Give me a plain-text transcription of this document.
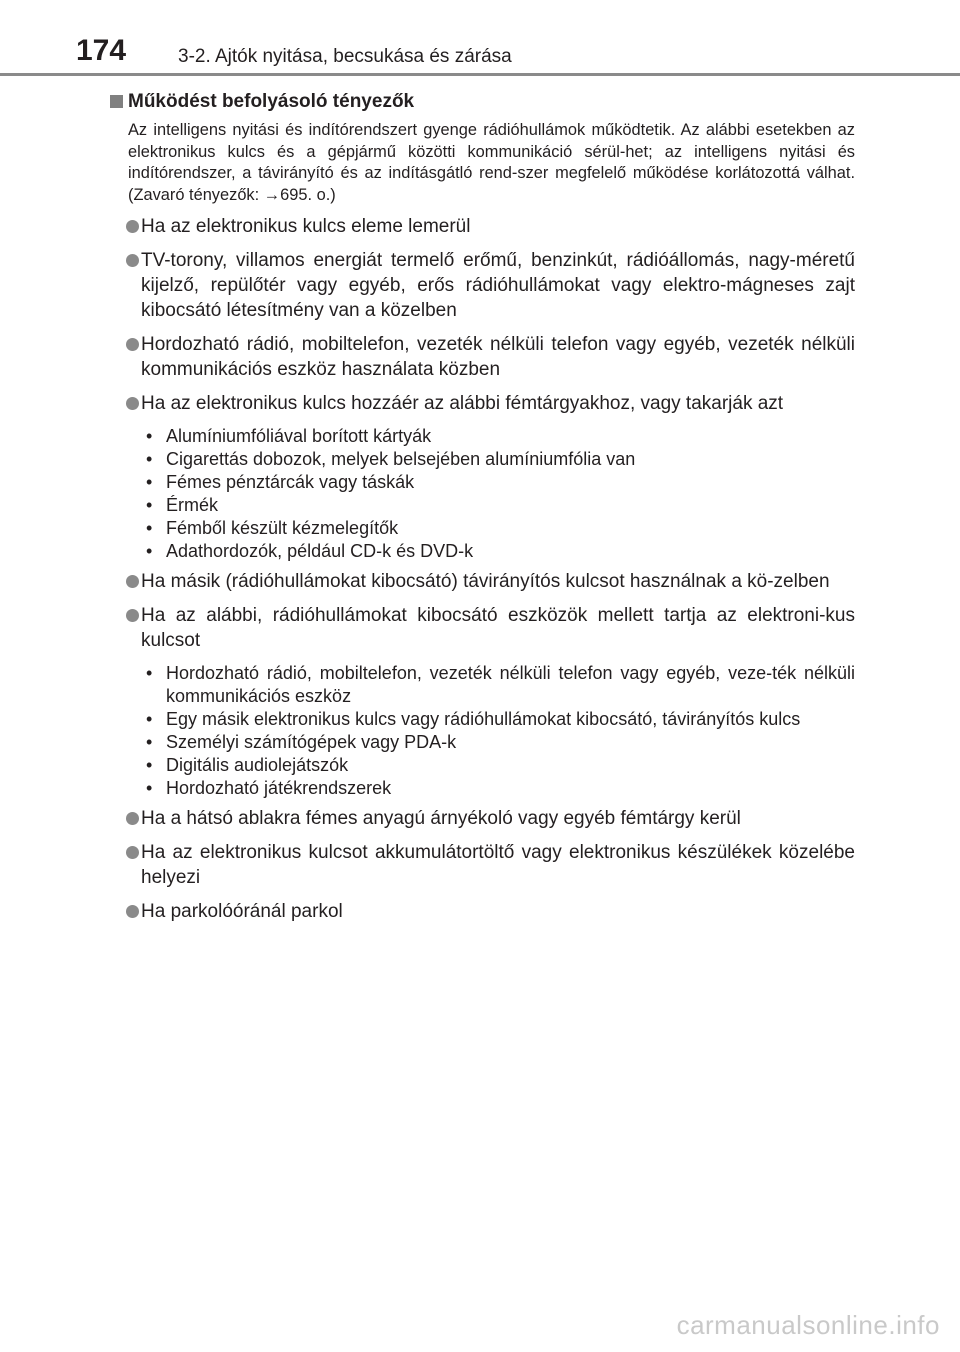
174	3-2. Ajtók nyitása, becsukása és zárása
Működést befolyásoló tényezők
Az intelligens nyitási és indítórendszert gyenge rádióhullámok működtetik. Az alábbi esetekben az elektronikus kulcs és a gépjármű közötti kommunikáció sérül-het; az intelligens nyitási és indítórendszer, a távirányító és az indításgátló rend-szer megfelelő működése korlátozottá válhat. (Zavaró tényezők: →695. o.)
Ha az elektronikus kulcs eleme lemerül
TV-torony, villamos energiát termelő erőmű, benzinkút, rádióállomás, nagy-méretű kijelző, repülőtér vagy egyéb, erős rádióhullámokat vagy elektro-mágneses zajt kibocsátó létesítmény van a közelben
Hordozható rádió, mobiltelefon, vezeték nélküli telefon vagy egyéb, vezeték nélküli kommunikációs eszköz használata közben
Ha az elektronikus kulcs hozzáér az alábbi fémtárgyakhoz, vagy takarják azt
• Alumíniumfóliával borított kártyák
• Cigarettás dobozok, melyek belsejében alumíniumfólia van
• Fémes pénztárcák vagy táskák
• Érmék
• Fémből készült kézmelegítők
• Adathordozók, például CD-k és DVD-k
Ha másik (rádióhullámokat kibocsátó) távirányítós kulcsot használnak a kö-zelben
Ha az alábbi, rádióhullámokat kibocsátó eszközök mellett tartja az elektroni-kus kulcsot
• Hordozható rádió, mobiltelefon, vezeték nélküli telefon vagy egyéb, veze-ték nélküli kommunikációs eszköz
• Egy másik elektronikus kulcs vagy rádióhullámokat kibocsátó, távirányítós kulcs
• Személyi számítógépek vagy PDA-k
• Digitális audiolejátszók
• Hordozható játékrendszerek
Ha a hátsó ablakra fémes anyagú árnyékoló vagy egyéb fémtárgy kerül
Ha az elektronikus kulcsot akkumulátortöltő vagy elektronikus készülékek közelébe helyezi
Ha parkolóóránál parkol
carmanualsonline.info
